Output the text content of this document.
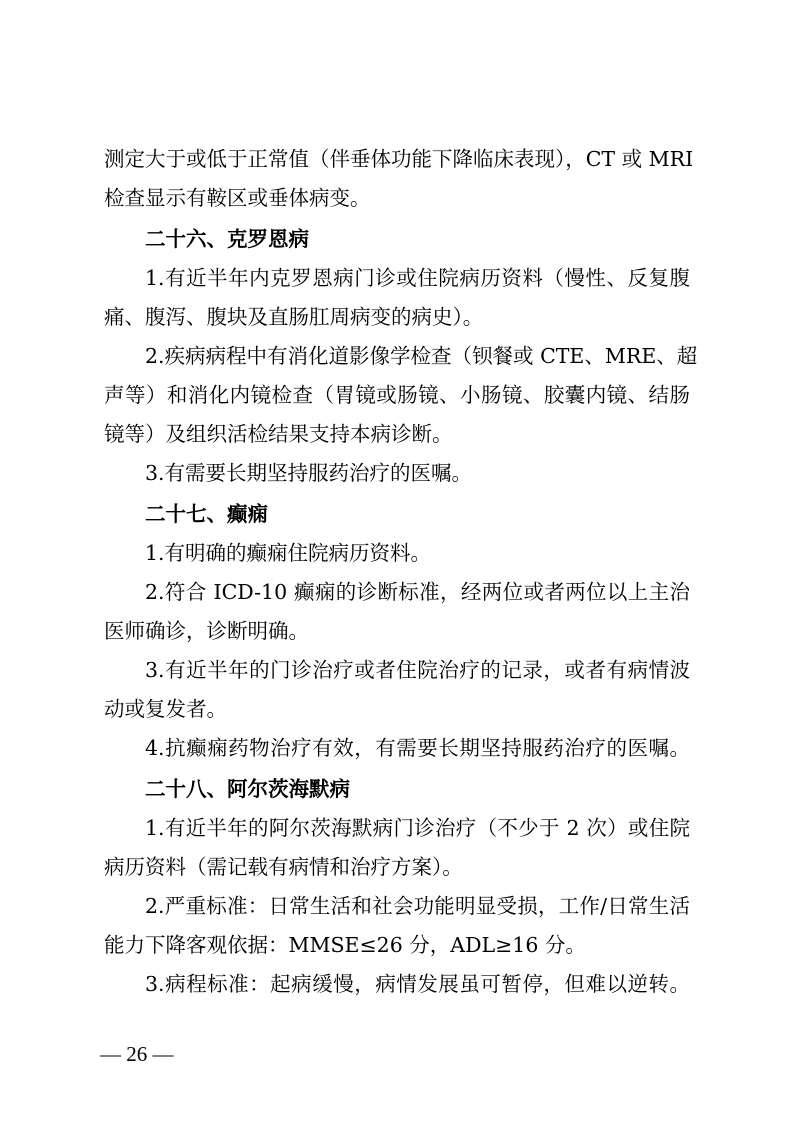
测定大于或低于正常值（伴垂体功能下降临床表现），CT 或 MRI
检查显示有鞍区或垂体病变。
二十六、克罗恩病
1.有近半年内克罗恩病门诊或住院病历资料（慢性、反复腹
痛、腹泻、腹块及直肠肛周病变的病史）。
2.疾病病程中有消化道影像学检查（钡餐或 CTE、MRE、超
声等）和消化内镜检查（胃镜或肠镜、小肠镜、胶囊内镜、结肠
镜等）及组织活检结果支持本病诊断。
3.有需要长期坚持服药治疗的医嘱。
二十七、癫痫
1.有明确的癫痫住院病历资料。
2.符合 ICD-10 癫痫的诊断标准，经两位或者两位以上主治
医师确诊，诊断明确。
3.有近半年的门诊治疗或者住院治疗的记录，或者有病情波
动或复发者。
4.抗癫痫药物治疗有效，有需要长期坚持服药治疗的医嘱。
二十八、阿尔茨海默病
1.有近半年的阿尔茨海默病门诊治疗（不少于 2 次）或住院
病历资料（需记载有病情和治疗方案）。
2.严重标准：日常生活和社会功能明显受损，工作/日常生活
能力下降客观依据：MMSE≤26 分，ADL≥16 分。
3.病程标准：起病缓慢，病情发展虽可暂停，但难以逆转。
— 26 —
